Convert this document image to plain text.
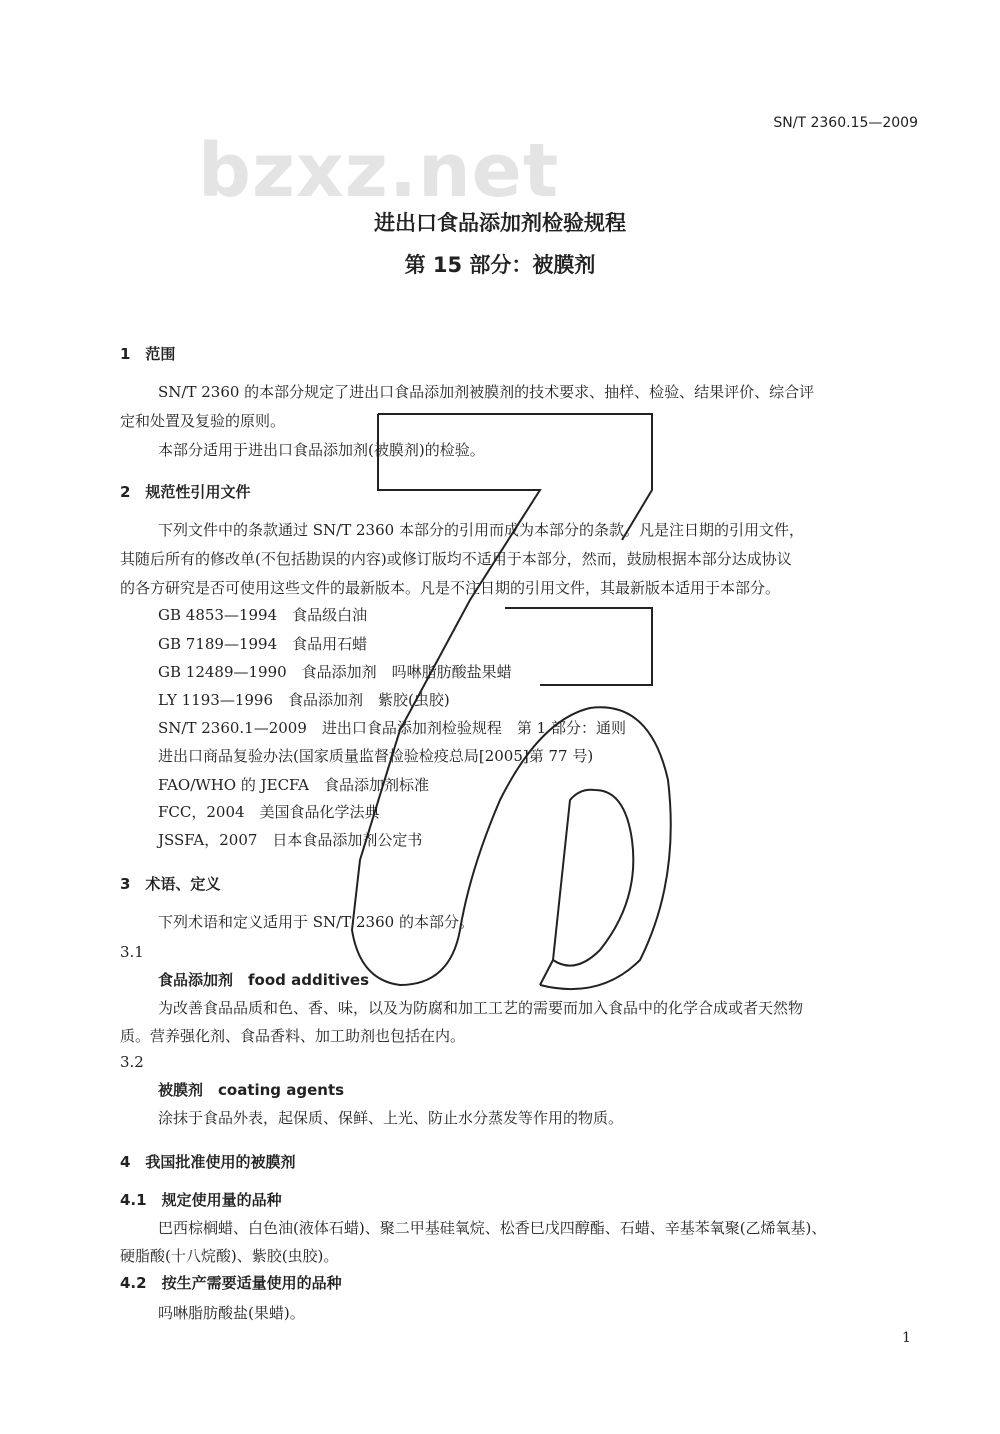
bzxz.net
SN/T 2360.15—2009
进出口食品添加剂检验规程
第 15 部分：被膜剂
1　范围
SN/T 2360 的本部分规定了进出口食品添加剂被膜剂的技术要求、抽样、检验、结果评价、综合评
定和处置及复验的原则。
本部分适用于进出口食品添加剂(被膜剂)的检验。
2　规范性引用文件
下列文件中的条款通过 SN/T 2360 本部分的引用而成为本部分的条款。凡是注日期的引用文件，
其随后所有的修改单(不包括勘误的内容)或修订版均不适用于本部分，然而，鼓励根据本部分达成协议
的各方研究是否可使用这些文件的最新版本。凡是不注日期的引用文件，其最新版本适用于本部分。
GB 4853—1994　食品级白油
GB 7189—1994　食品用石蜡
GB 12489—1990　食品添加剂　吗啉脂肪酸盐果蜡
LY 1193—1996　食品添加剂　紫胶(虫胶)
SN/T 2360.1—2009　进出口食品添加剂检验规程　第 1 部分：通则
进出口商品复验办法(国家质量监督检验检疫总局[2005]第 77 号)
FAO/WHO 的 JECFA　食品添加剂标准
FCC，2004　美国食品化学法典
JSSFA，2007　日本食品添加剂公定书
3　术语、定义
下列术语和定义适用于 SN/T 2360 的本部分。
3.1
食品添加剂　food additives
为改善食品品质和色、香、味，以及为防腐和加工工艺的需要而加入食品中的化学合成或者天然物
质。营养强化剂、食品香料、加工助剂也包括在内。
3.2
被膜剂　coating agents
涂抹于食品外表，起保质、保鲜、上光、防止水分蒸发等作用的物质。
4　我国批准使用的被膜剂
4.1　规定使用量的品种
巴西棕榈蜡、白色油(液体石蜡)、聚二甲基硅氧烷、松香巳戊四醇酯、石蜡、辛基苯氧聚(乙烯氧基)、
硬脂酸(十八烷酸)、紫胶(虫胶)。
4.2　按生产需要适量使用的品种
吗啉脂肪酸盐(果蜡)。
1
